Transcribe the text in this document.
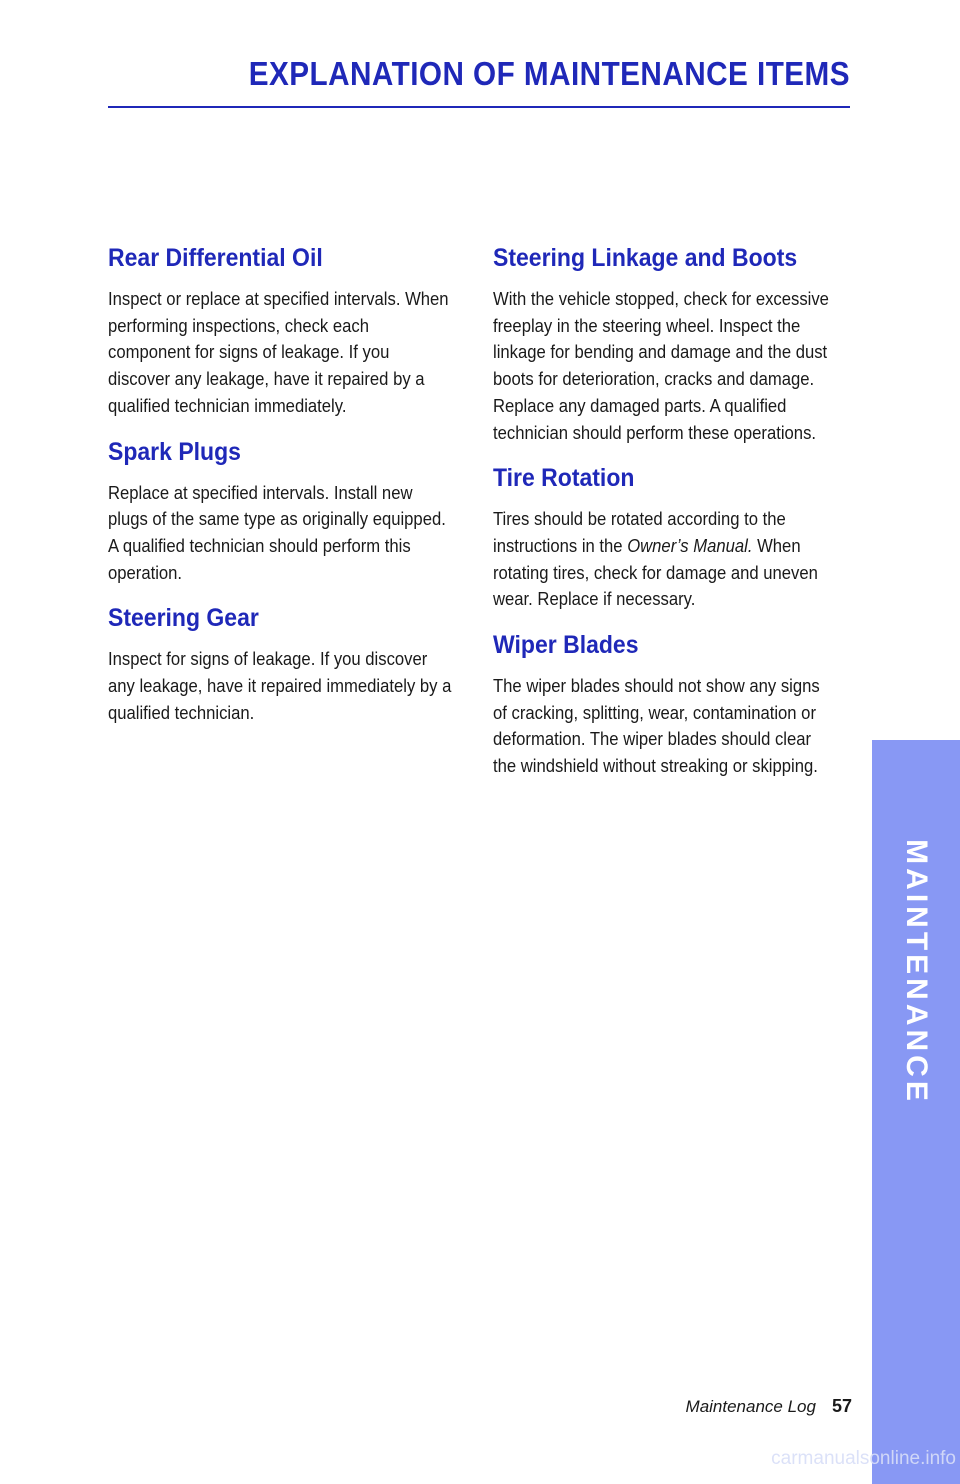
EXPLANATION OF MAINTENANCE ITEMS
Rear Differential Oil

Inspect or replace at specified intervals. When performing inspections, check each component for signs of leakage. If you discover any leakage, have it repaired by a qualified technician immediately.

Spark Plugs

Replace at specified intervals. Install new plugs of the same type as originally equipped. A qualified technician should perform this operation.

Steering Gear

Inspect for signs of leakage. If you discover any leakage, have it repaired immediately by a qualified technician.

Steering Linkage and Boots

With the vehicle stopped, check for excessive freeplay in the steering wheel. Inspect the linkage for bending and damage and the dust boots for deterioration, cracks and damage. Replace any damaged parts. A qualified technician should perform these operations.

Tire Rotation

Tires should be rotated according to the instructions in the Owner’s Manual. When rotating tires, check for damage and uneven wear. Replace if necessary.

Wiper Blades

The wiper blades should not show any signs of cracking, splitting, wear, contamination or deformation. The wiper blades should clear the windshield without streaking or skipping.

MAINTENANCE
Maintenance Log 57
carmanualsonline.info
